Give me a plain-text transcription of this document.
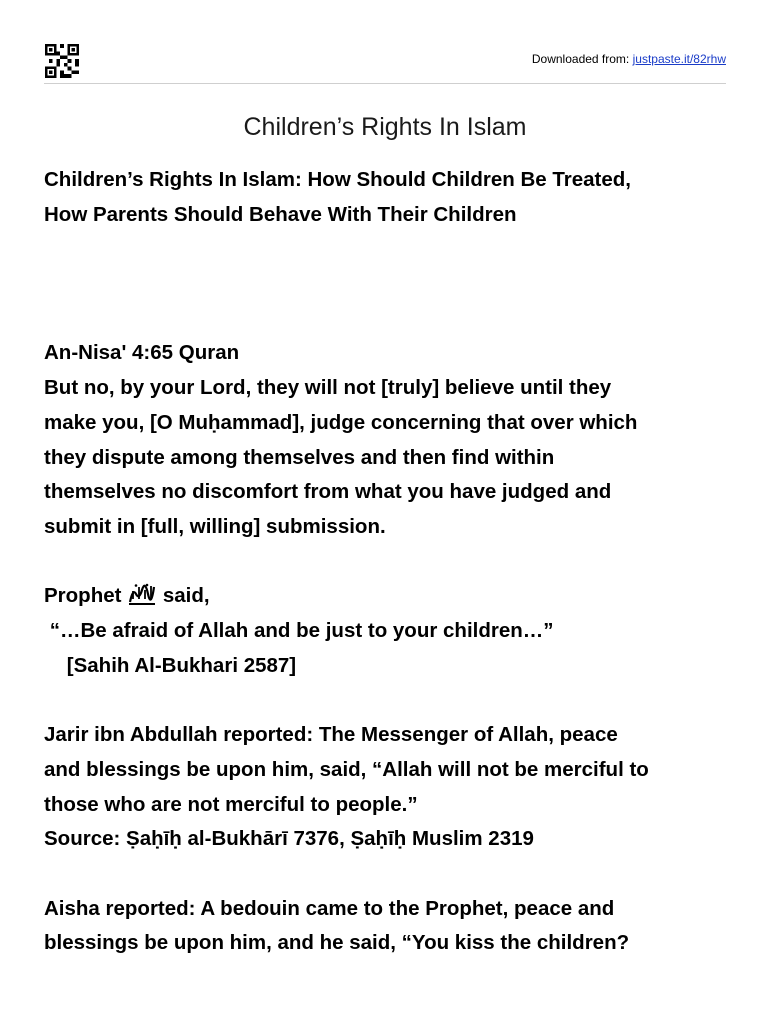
Downloaded from: justpaste.it/82rhw
Children’s Rights In Islam

Children’s Rights In Islam: How Should Children Be Treated,

How Parents Should Behave With Their Children

An-Nisa' 4:65 Quran

But no, by your Lord, they will not [truly] believe until they

make you, [O Muḥammad], judge concerning that over which

they dispute among themselves and then find within

themselves no discomfort from what you have judged and

submit in [full, willing] submission.

Prophet said,

“…Be afraid of Allah and be just to your children…”

[Sahih Al-Bukhari 2587]

Jarir ibn Abdullah reported: The Messenger of Allah, peace

and blessings be upon him, said, “Allah will not be merciful to

those who are not merciful to people.”

Source: Ṣaḥīḥ al-Bukhārī 7376, Ṣaḥīḥ Muslim 2319

Aisha reported: A bedouin came to the Prophet, peace and

blessings be upon him, and he said, “You kiss the children?
